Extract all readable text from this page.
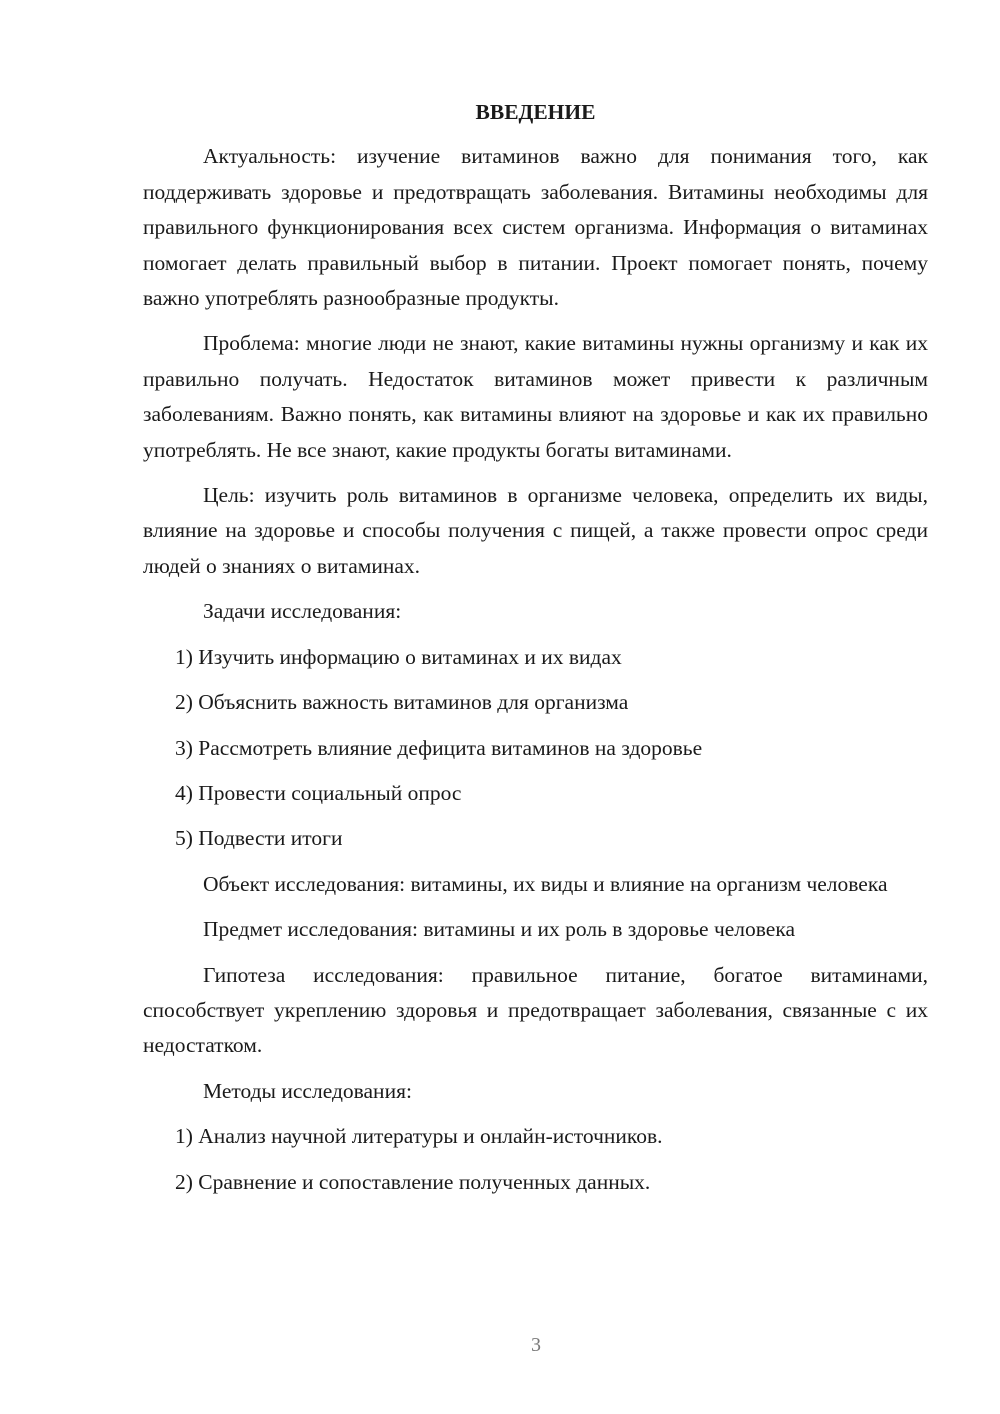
ВВЕДЕНИЕ

Актуальность: изучение витаминов важно для понимания того, как поддерживать здоровье и предотвращать заболевания. Витамины необходимы для правильного функционирования всех систем организма. Информация о витаминах помогает делать правильный выбор в питании. Проект помогает понять, почему важно употреблять разнообразные продукты.

Проблема: многие люди не знают, какие витамины нужны организму и как их правильно получать. Недостаток витаминов может привести к различным заболеваниям. Важно понять, как витамины влияют на здоровье и как их правильно употреблять. Не все знают, какие продукты богаты витаминами.

Цель: изучить роль витаминов в организме человека, определить их виды, влияние на здоровье и способы получения с пищей, а также провести опрос среди людей о знаниях о витаминах.

Задачи исследования:

1) Изучить информацию о витаминах и их видах

2) Объяснить важность витаминов для организма

3) Рассмотреть влияние дефицита витаминов на здоровье

4) Провести социальный опрос

5) Подвести итоги

Объект исследования: витамины, их виды и влияние на организм человека

Предмет исследования: витамины и их роль в здоровье человека

Гипотеза исследования: правильное питание, богатое витаминами, способствует укреплению здоровья и предотвращает заболевания, связанные с их недостатком.

Методы исследования:

1) Анализ научной литературы и онлайн-источников.

2) Сравнение и сопоставление полученных данных.

3
